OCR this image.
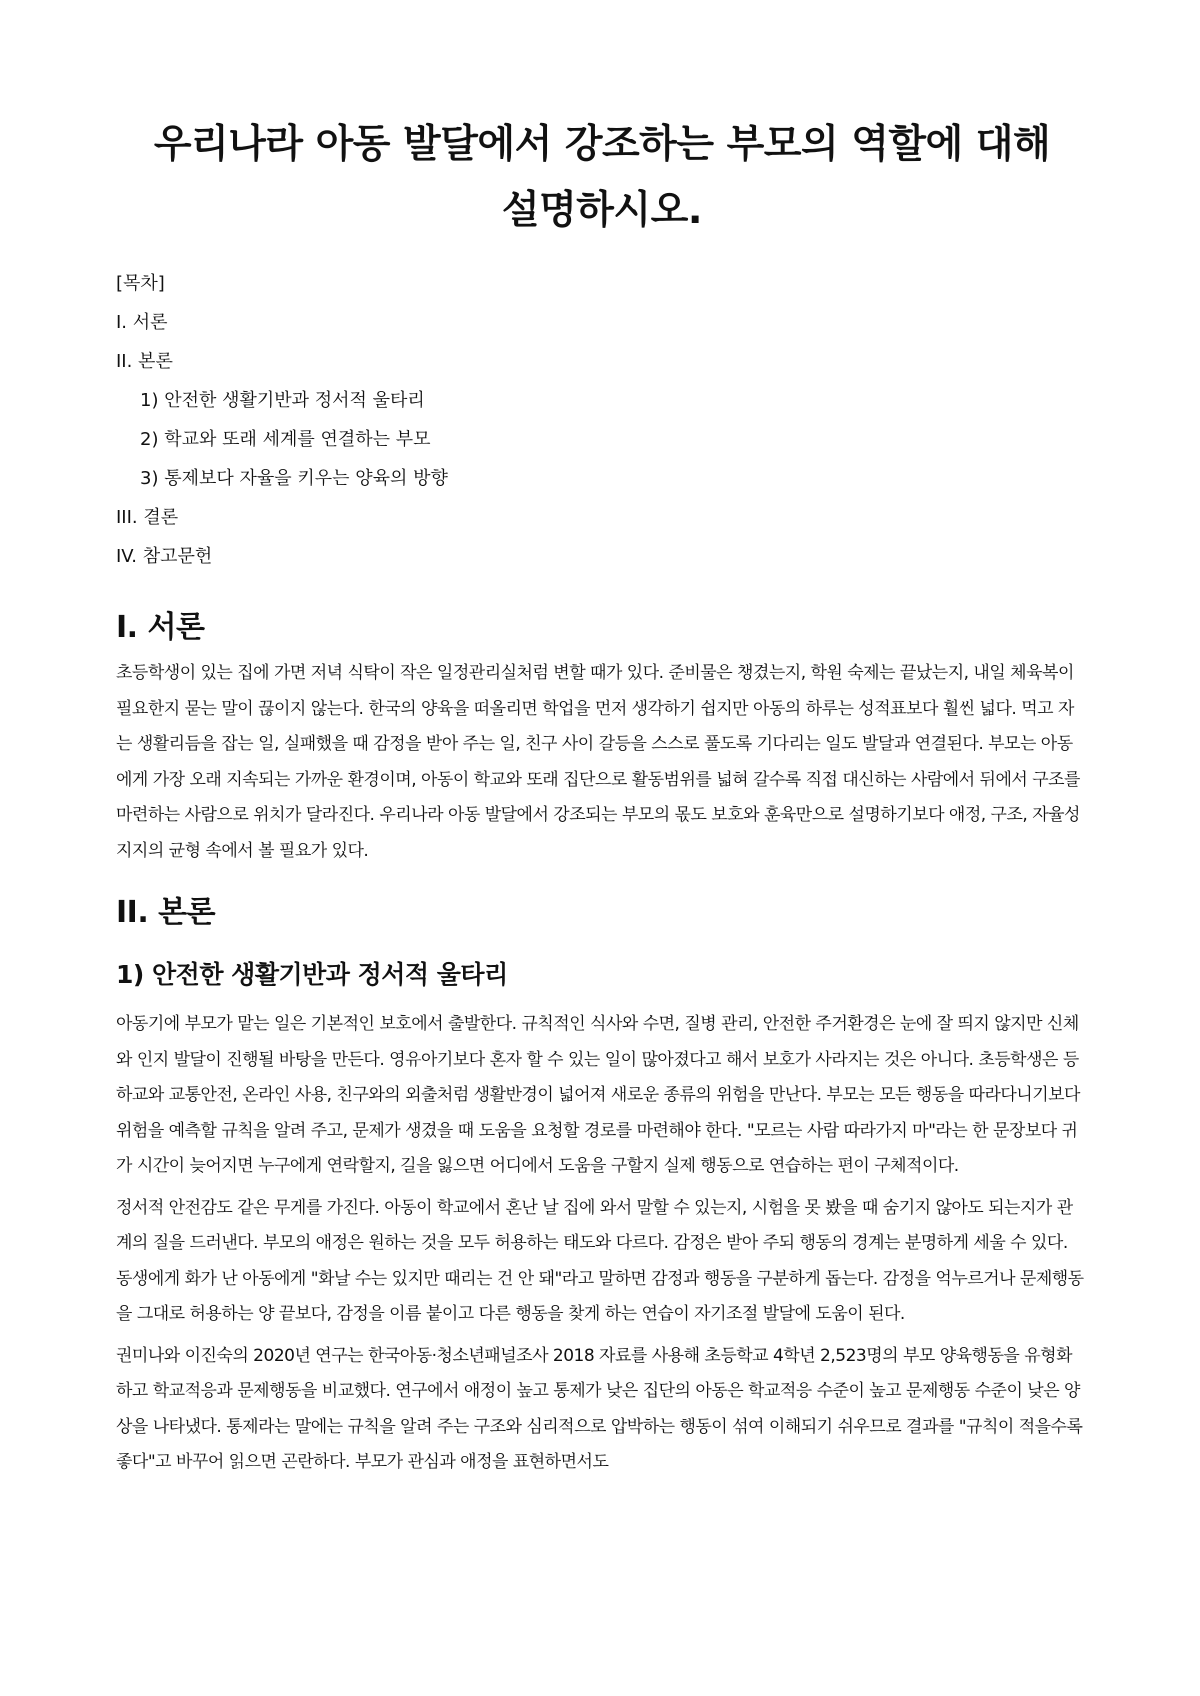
우리나라 아동 발달에서 강조하는 부모의 역할에 대해 설명하시오.
[목차]
I. 서론
II. 본론
1) 안전한 생활기반과 정서적 울타리
2) 학교와 또래 세계를 연결하는 부모
3) 통제보다 자율을 키우는 양육의 방향
III. 결론
IV. 참고문헌
I. 서론

초등학생이 있는 집에 가면 저녁 식탁이 작은 일정관리실처럼 변할 때가 있다. 준비물은 챙겼는지, 학원 숙제는 끝났는지, 내일 체육복이 필요한지 묻는 말이 끊이지 않는다. 한국의 양육을 떠올리면 학업을 먼저 생각하기 쉽지만 아동의 하루는 성적표보다 훨씬 넓다. 먹고 자는 생활리듬을 잡는 일, 실패했을 때 감정을 받아 주는 일, 친구 사이 갈등을 스스로 풀도록 기다리는 일도 발달과 연결된다. 부모는 아동에게 가장 오래 지속되는 가까운 환경이며, 아동이 학교와 또래 집단으로 활동범위를 넓혀 갈수록 직접 대신하는 사람에서 뒤에서 구조를 마련하는 사람으로 위치가 달라진다. 우리나라 아동 발달에서 강조되는 부모의 몫도 보호와 훈육만으로 설명하기보다 애정, 구조, 자율성 지지의 균형 속에서 볼 필요가 있다.

II. 본론
1) 안전한 생활기반과 정서적 울타리

아동기에 부모가 맡는 일은 기본적인 보호에서 출발한다. 규칙적인 식사와 수면, 질병 관리, 안전한 주거환경은 눈에 잘 띄지 않지만 신체와 인지 발달이 진행될 바탕을 만든다. 영유아기보다 혼자 할 수 있는 일이 많아졌다고 해서 보호가 사라지는 것은 아니다. 초등학생은 등하교와 교통안전, 온라인 사용, 친구와의 외출처럼 생활반경이 넓어져 새로운 종류의 위험을 만난다. 부모는 모든 행동을 따라다니기보다 위험을 예측할 규칙을 알려 주고, 문제가 생겼을 때 도움을 요청할 경로를 마련해야 한다. "모르는 사람 따라가지 마"라는 한 문장보다 귀가 시간이 늦어지면 누구에게 연락할지, 길을 잃으면 어디에서 도움을 구할지 실제 행동으로 연습하는 편이 구체적이다.

정서적 안전감도 같은 무게를 가진다. 아동이 학교에서 혼난 날 집에 와서 말할 수 있는지, 시험을 못 봤을 때 숨기지 않아도 되는지가 관계의 질을 드러낸다. 부모의 애정은 원하는 것을 모두 허용하는 태도와 다르다. 감정은 받아 주되 행동의 경계는 분명하게 세울 수 있다. 동생에게 화가 난 아동에게 "화날 수는 있지만 때리는 건 안 돼"라고 말하면 감정과 행동을 구분하게 돕는다. 감정을 억누르거나 문제행동을 그대로 허용하는 양 끝보다, 감정을 이름 붙이고 다른 행동을 찾게 하는 연습이 자기조절 발달에 도움이 된다.

권미나와 이진숙의 2020년 연구는 한국아동·청소년패널조사 2018 자료를 사용해 초등학교 4학년 2,523명의 부모 양육행동을 유형화하고 학교적응과 문제행동을 비교했다. 연구에서 애정이 높고 통제가 낮은 집단의 아동은 학교적응 수준이 높고 문제행동 수준이 낮은 양상을 나타냈다. 통제라는 말에는 규칙을 알려 주는 구조와 심리적으로 압박하는 행동이 섞여 이해되기 쉬우므로 결과를 "규칙이 적을수록 좋다"고 바꾸어 읽으면 곤란하다. 부모가 관심과 애정을 표현하면서도
